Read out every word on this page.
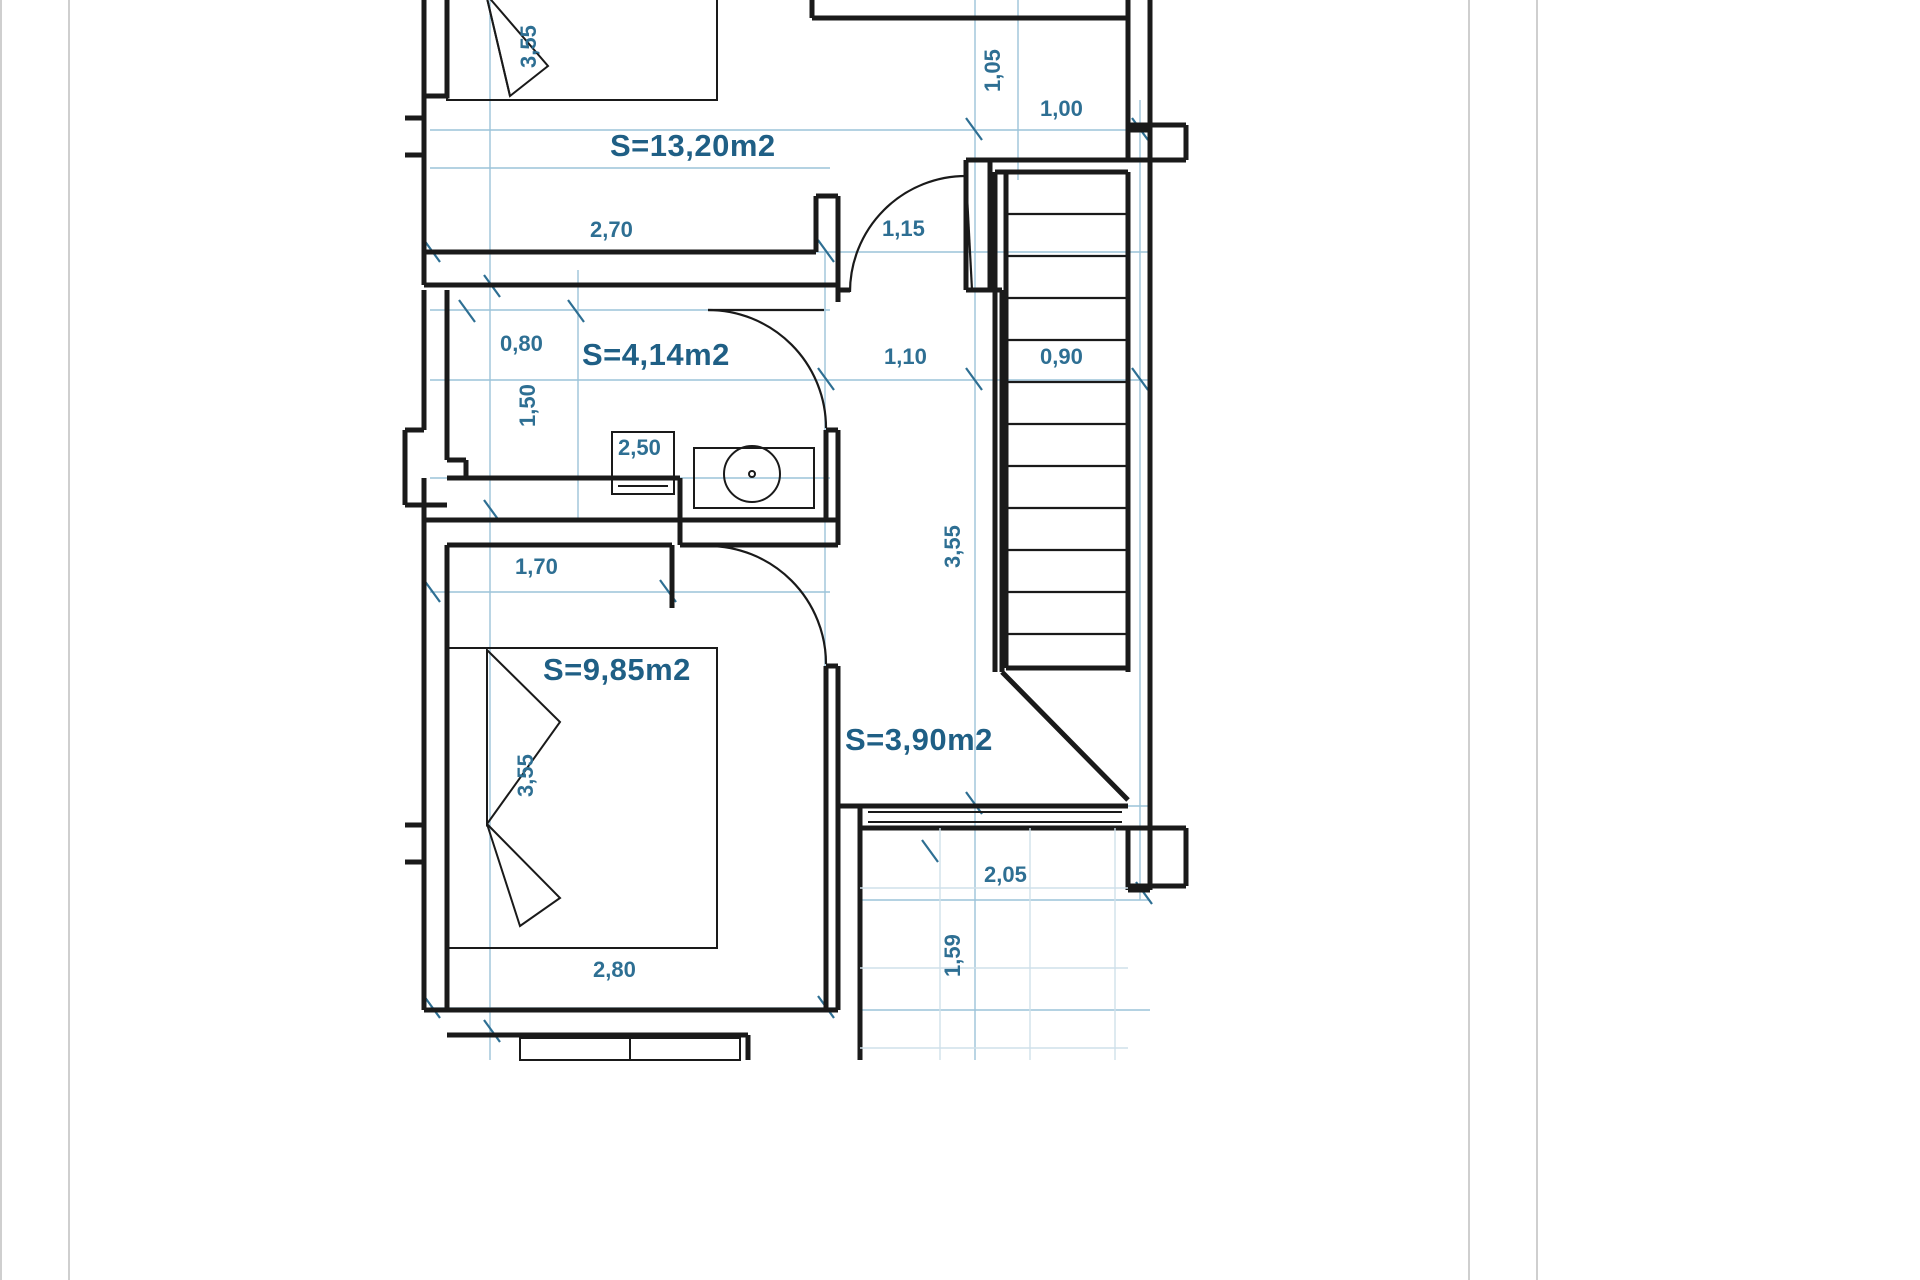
S=13,20m2
S=4,14m2
S=9,85m2
S=3,90m2
1,00
2,70	1,15
0,80
1,10	0,90
2,50
1,70
2,05
2,80
3,55
1,05
1,50
3,55
3,55
1,59
